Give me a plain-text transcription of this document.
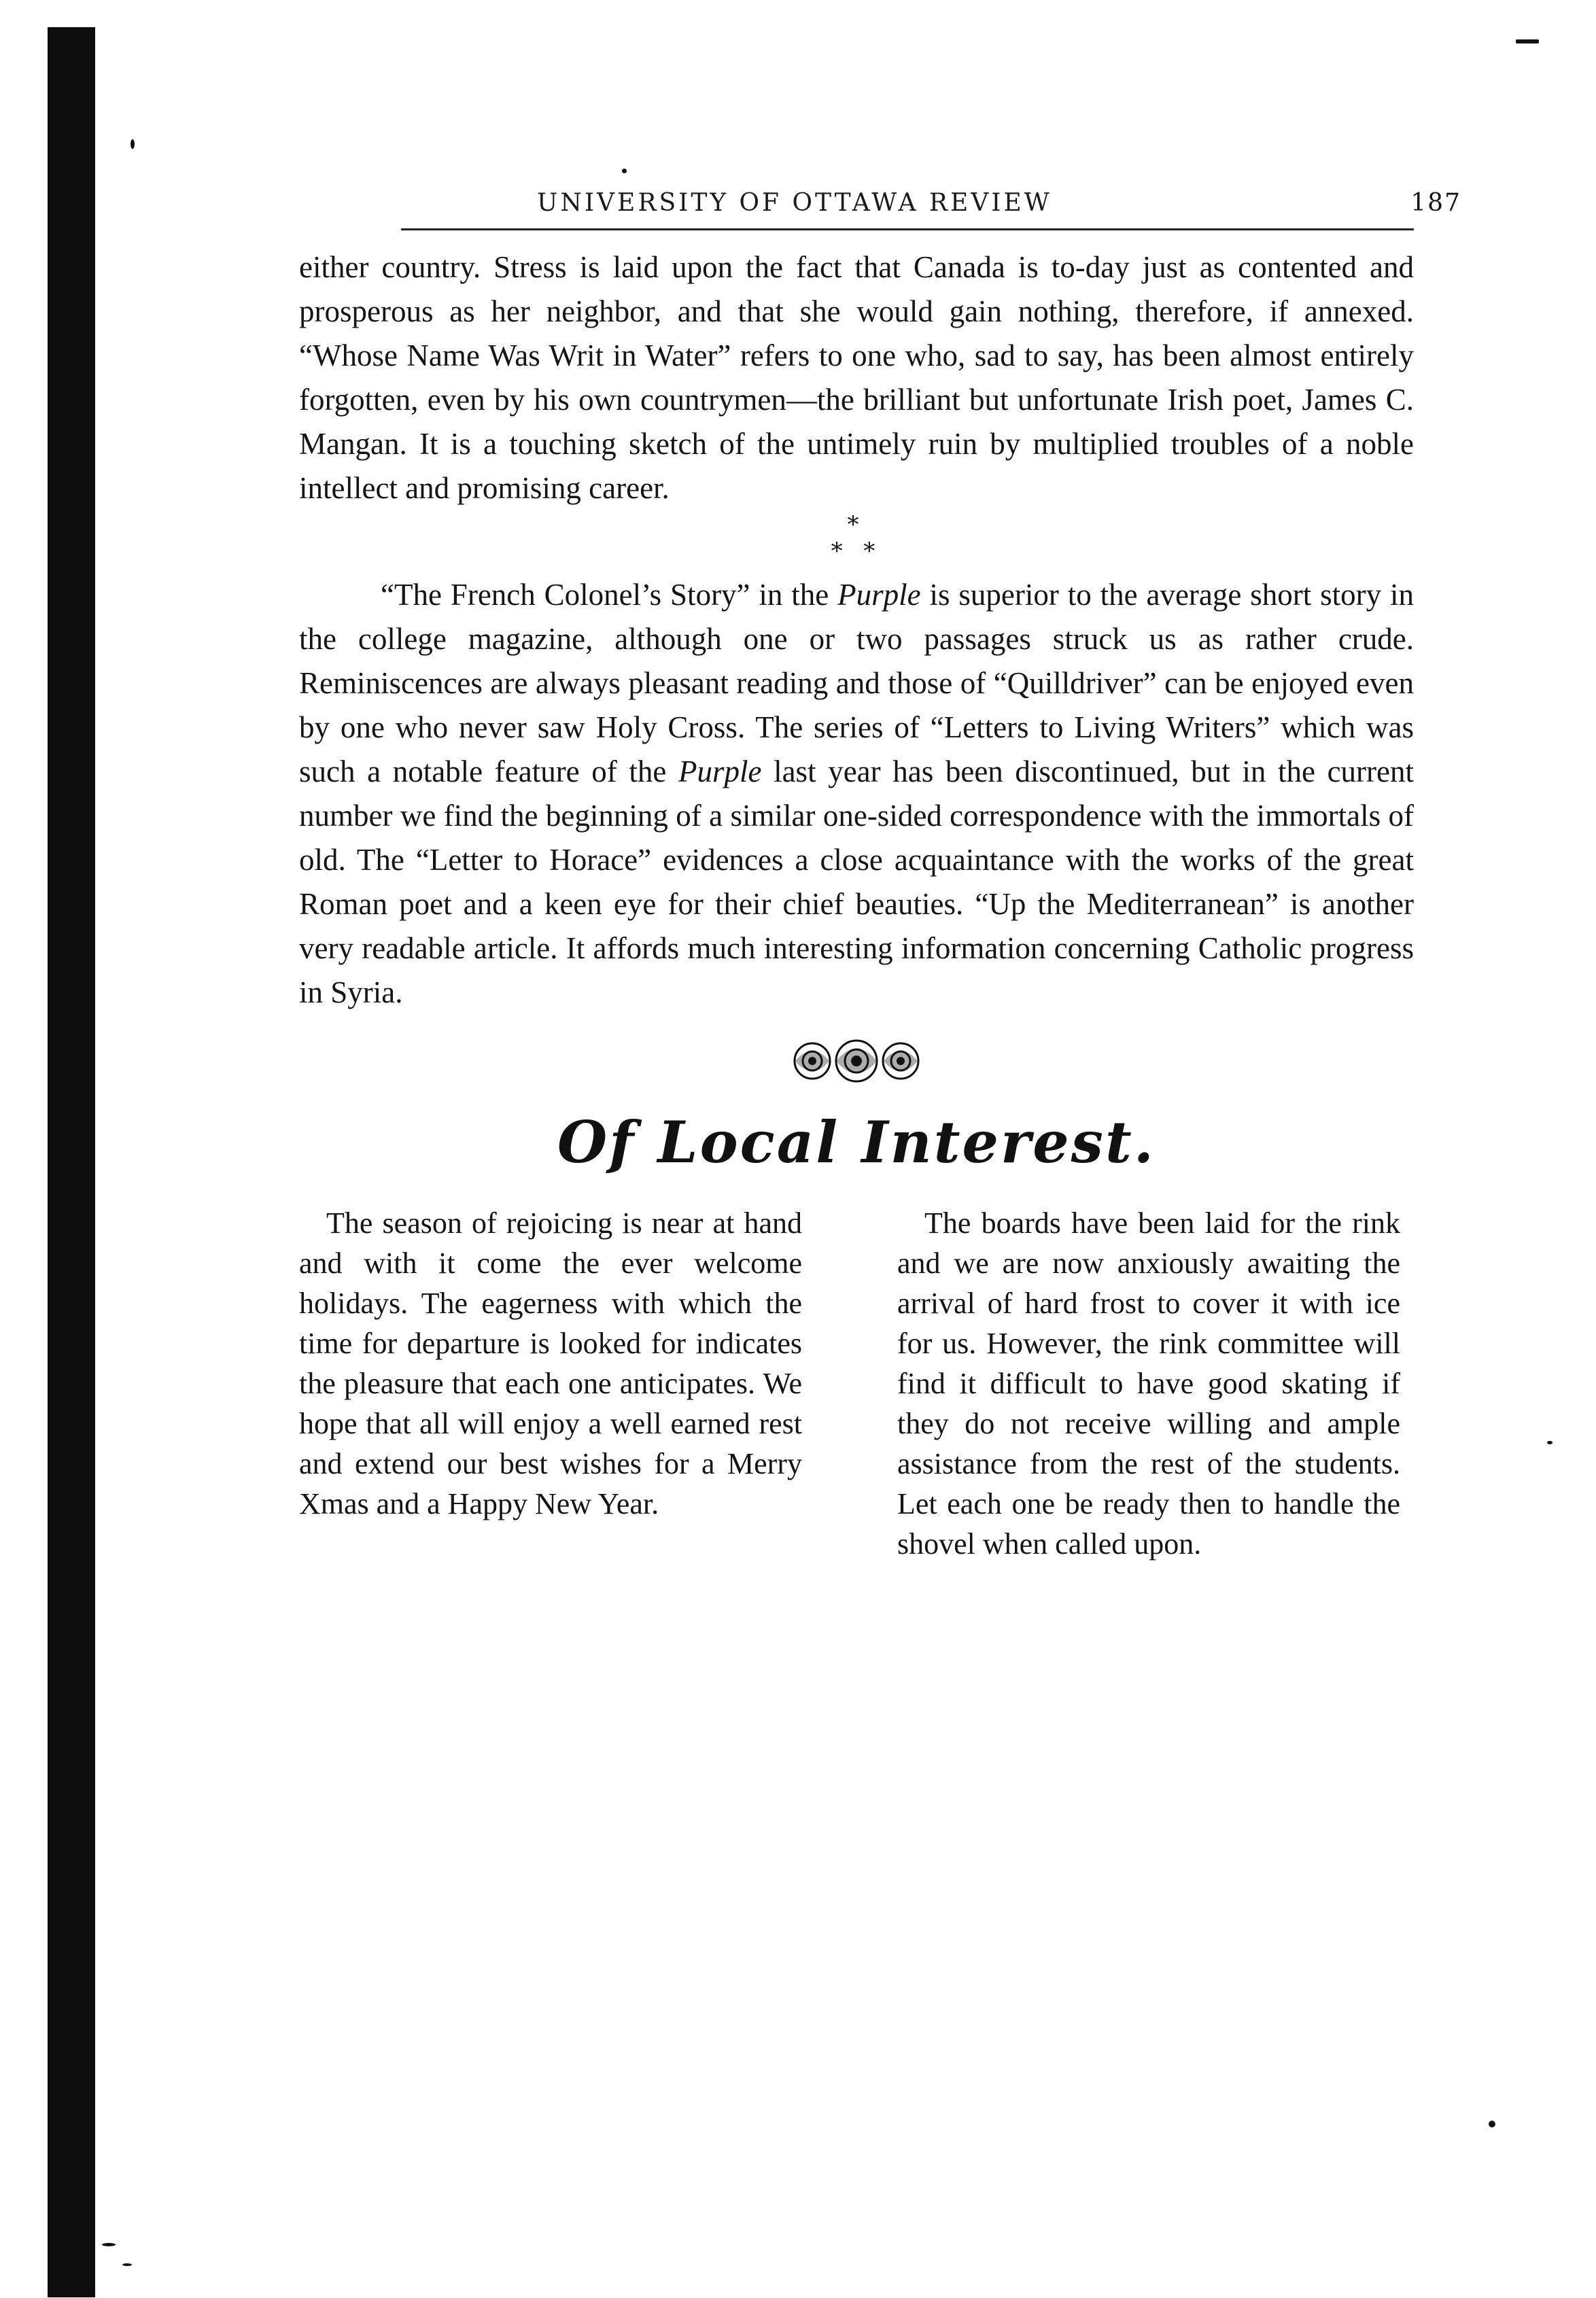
UNIVERSITY OF OTTAWA REVIEW	187

either country. Stress is laid upon the fact that Canada is to-day just as contented and prosperous as her neighbor, and that she would gain nothing, therefore, if annexed. “Whose Name Was Writ in Water” refers to one who, sad to say, has been almost entirely forgotten, even by his own countrymen—the brilliant but unfortunate Irish poet, James C. Mangan. It is a touching sketch of the untimely ruin by multiplied troubles of a noble intellect and promising career.

*
* *

“The French Colonel’s Story” in the Purple is superior to the average short story in the college magazine, although one or two passages struck us as rather crude. Reminiscences are always pleasant reading and those of “Quilldriver” can be enjoyed even by one who never saw Holy Cross. The series of “Letters to Living Writers” which was such a notable feature of the Purple last year has been discontinued, but in the current number we find the beginning of a similar one-sided correspondence with the immortals of old. The “Letter to Horace” evidences a close acquaintance with the works of the great Roman poet and a keen eye for their chief beauties. “Up the Mediterranean” is another very readable article. It affords much interesting information concerning Catholic progress in Syria.

Of Local Interest.

The season of rejoicing is near at hand and with it come the ever welcome holidays. The eagerness with which the time for departure is looked for indicates the pleasure that each one anticipates. We hope that all will enjoy a well earned rest and extend our best wishes for a Merry Xmas and a Happy New Year.

The boards have been laid for the rink and we are now anxiously awaiting the arrival of hard frost to cover it with ice for us. However, the rink committee will find it difficult to have good skating if they do not receive willing and ample assistance from the rest of the students. Let each one be ready then to handle the shovel when called upon.
